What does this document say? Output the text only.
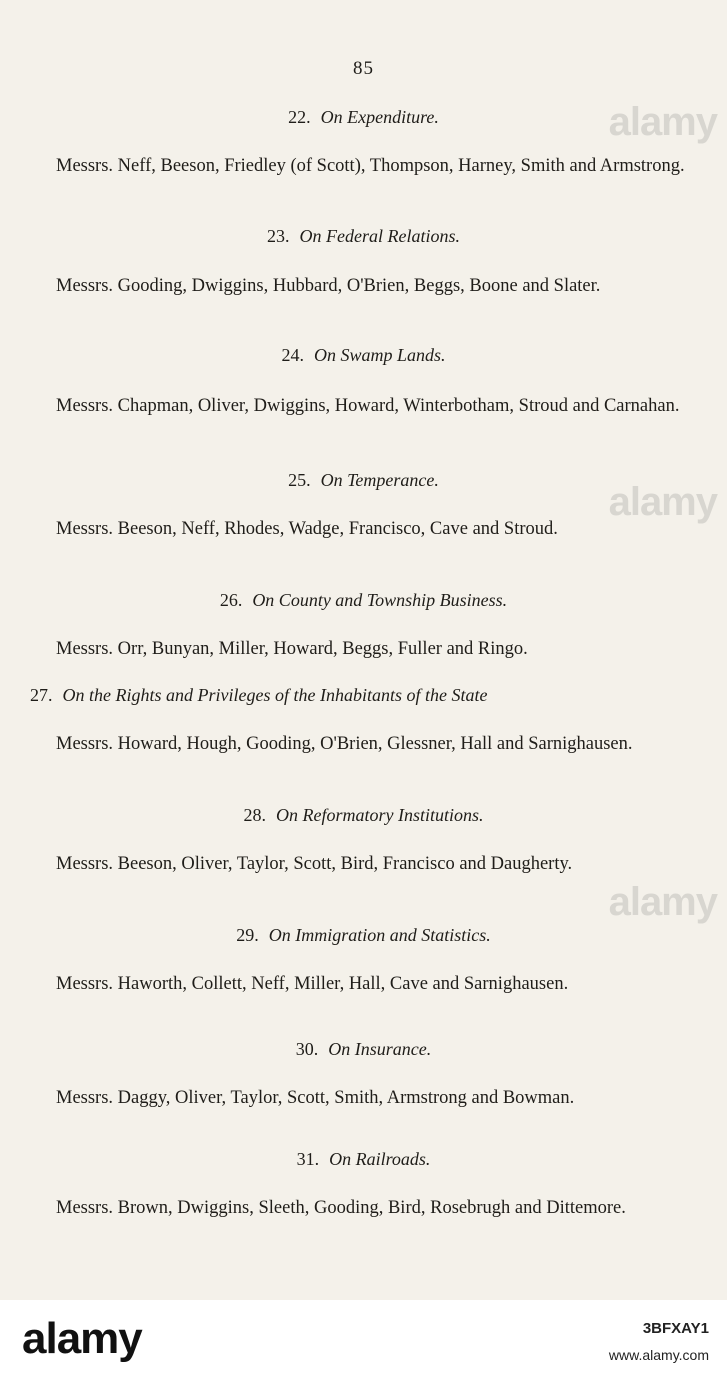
85
22. On Expenditure.
Messrs. Neff, Beeson, Friedley (of Scott), Thompson, Harney, Smith and Armstrong.
23. On Federal Relations.
Messrs. Gooding, Dwiggins, Hubbard, O'Brien, Beggs, Boone and Slater.
24. On Swamp Lands.
Messrs. Chapman, Oliver, Dwiggins, Howard, Winterbotham, Stroud and Carnahan.
25. On Temperance.
Messrs. Beeson, Neff, Rhodes, Wadge, Francisco, Cave and Stroud.
26. On County and Township Business.
Messrs. Orr, Bunyan, Miller, Howard, Beggs, Fuller and Ringo.
27. On the Rights and Privileges of the Inhabitants of the State
Messrs. Howard, Hough, Gooding, O'Brien, Glessner, Hall and Sarnighausen.
28. On Reformatory Institutions.
Messrs. Beeson, Oliver, Taylor, Scott, Bird, Francisco and Daugherty.
29. On Immigration and Statistics.
Messrs. Haworth, Collett, Neff, Miller, Hall, Cave and Sarnighausen.
30. On Insurance.
Messrs. Daggy, Oliver, Taylor, Scott, Smith, Armstrong and Bowman.
31. On Railroads.
Messrs. Brown, Dwiggins, Sleeth, Gooding, Bird, Rosebrugh and Dittemore.
alamy
alamy
alamy
alamy	3BFXAY1
www.alamy.com
